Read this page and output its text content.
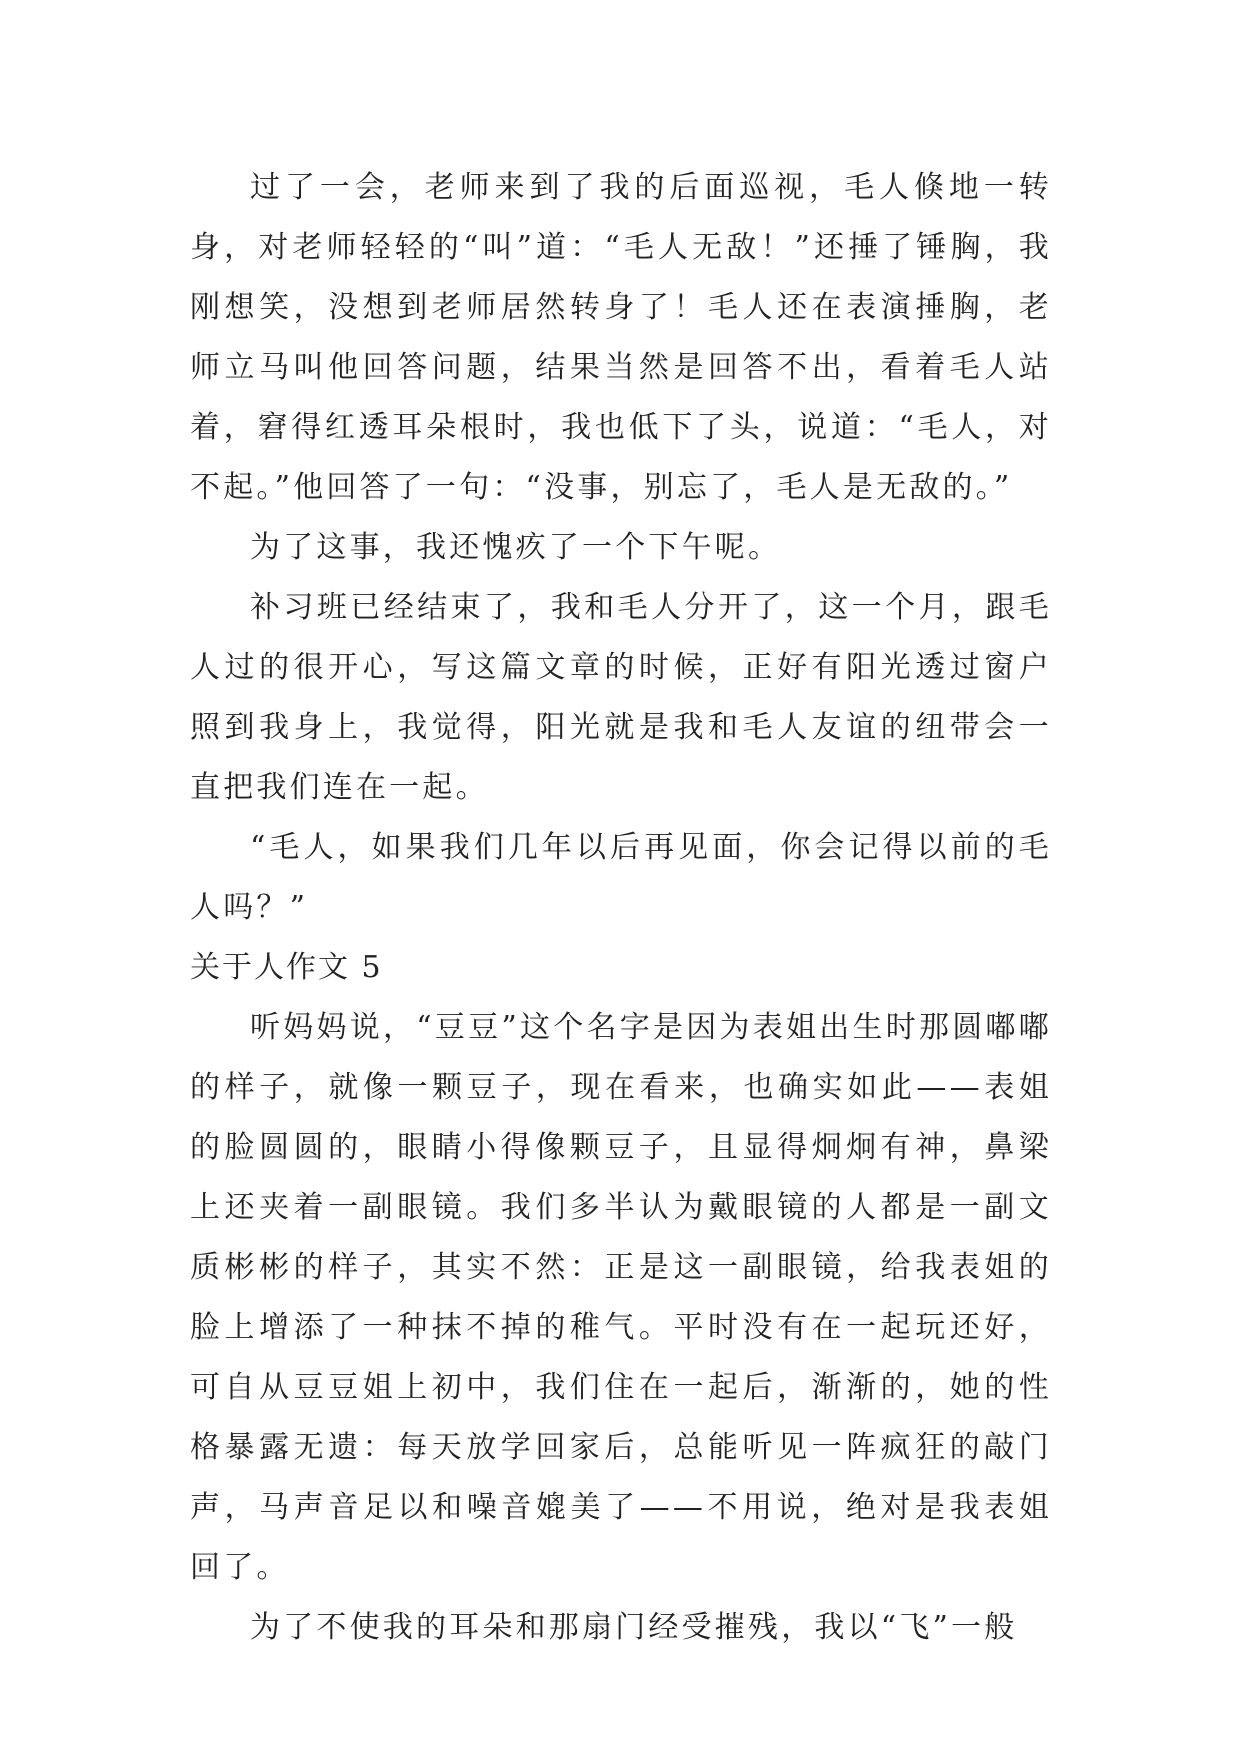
过了一会，老师来到了我的后面巡视，毛人倏地一转身，对老师轻轻的“叫”道：“毛人无敌！”还捶了锤胸，我刚想笑，没想到老师居然转身了！毛人还在表演捶胸，老师立马叫他回答问题，结果当然是回答不出，看着毛人站着，窘得红透耳朵根时，我也低下了头，说道：“毛人，对不起。”他回答了一句：“没事，别忘了，毛人是无敌的。”

为了这事，我还愧疚了一个下午呢。

补习班已经结束了，我和毛人分开了，这一个月，跟毛人过的很开心，写这篇文章的时候，正好有阳光透过窗户照到我身上，我觉得，阳光就是我和毛人友谊的纽带会一直把我们连在一起。

“毛人，如果我们几年以后再见面，你会记得以前的毛人吗？”

关于人作文 5

听妈妈说，“豆豆”这个名字是因为表姐出生时那圆嘟嘟的样子，就像一颗豆子，现在看来，也确实如此——表姐的脸圆圆的，眼睛小得像颗豆子，且显得炯炯有神，鼻梁上还夹着一副眼镜。我们多半认为戴眼镜的人都是一副文质彬彬的样子，其实不然：正是这一副眼镜，给我表姐的脸上增添了一种抹不掉的稚气。平时没有在一起玩还好，可自从豆豆姐上初中，我们住在一起后，渐渐的，她的性格暴露无遗：每天放学回家后，总能听见一阵疯狂的敲门声，马声音足以和噪音媲美了——不用说，绝对是我表姐回了。

为了不使我的耳朵和那扇门经受摧残，我以“飞”一般
